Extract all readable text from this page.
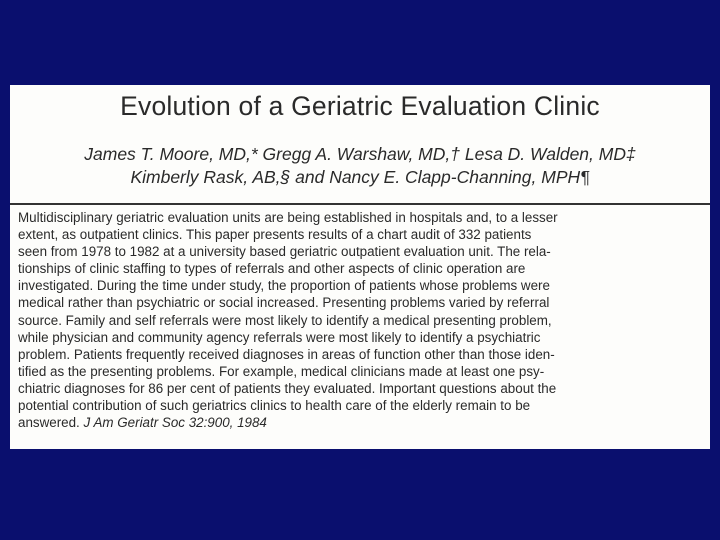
Evolution of a Geriatric Evaluation Clinic
James T. Moore, MD,* Gregg A. Warshaw, MD,† Lesa D. Walden, MD‡
Kimberly Rask, AB,§ and Nancy E. Clapp-Channing, MPH¶
Multidisciplinary geriatric evaluation units are being established in hospitals and, to a lesser
extent, as outpatient clinics. This paper presents results of a chart audit of 332 patients
seen from 1978 to 1982 at a university based geriatric outpatient evaluation unit. The rela-
tionships of clinic staffing to types of referrals and other aspects of clinic operation are
investigated. During the time under study, the proportion of patients whose problems were
medical rather than psychiatric or social increased. Presenting problems varied by referral
source. Family and self referrals were most likely to identify a medical presenting problem,
while physician and community agency referrals were most likely to identify a psychiatric
problem. Patients frequently received diagnoses in areas of function other than those iden-
tified as the presenting problems. For example, medical clinicians made at least one psy-
chiatric diagnoses for 86 per cent of patients they evaluated. Important questions about the
potential contribution of such geriatrics clinics to health care of the elderly remain to be
answered. J Am Geriatr Soc 32:900, 1984
